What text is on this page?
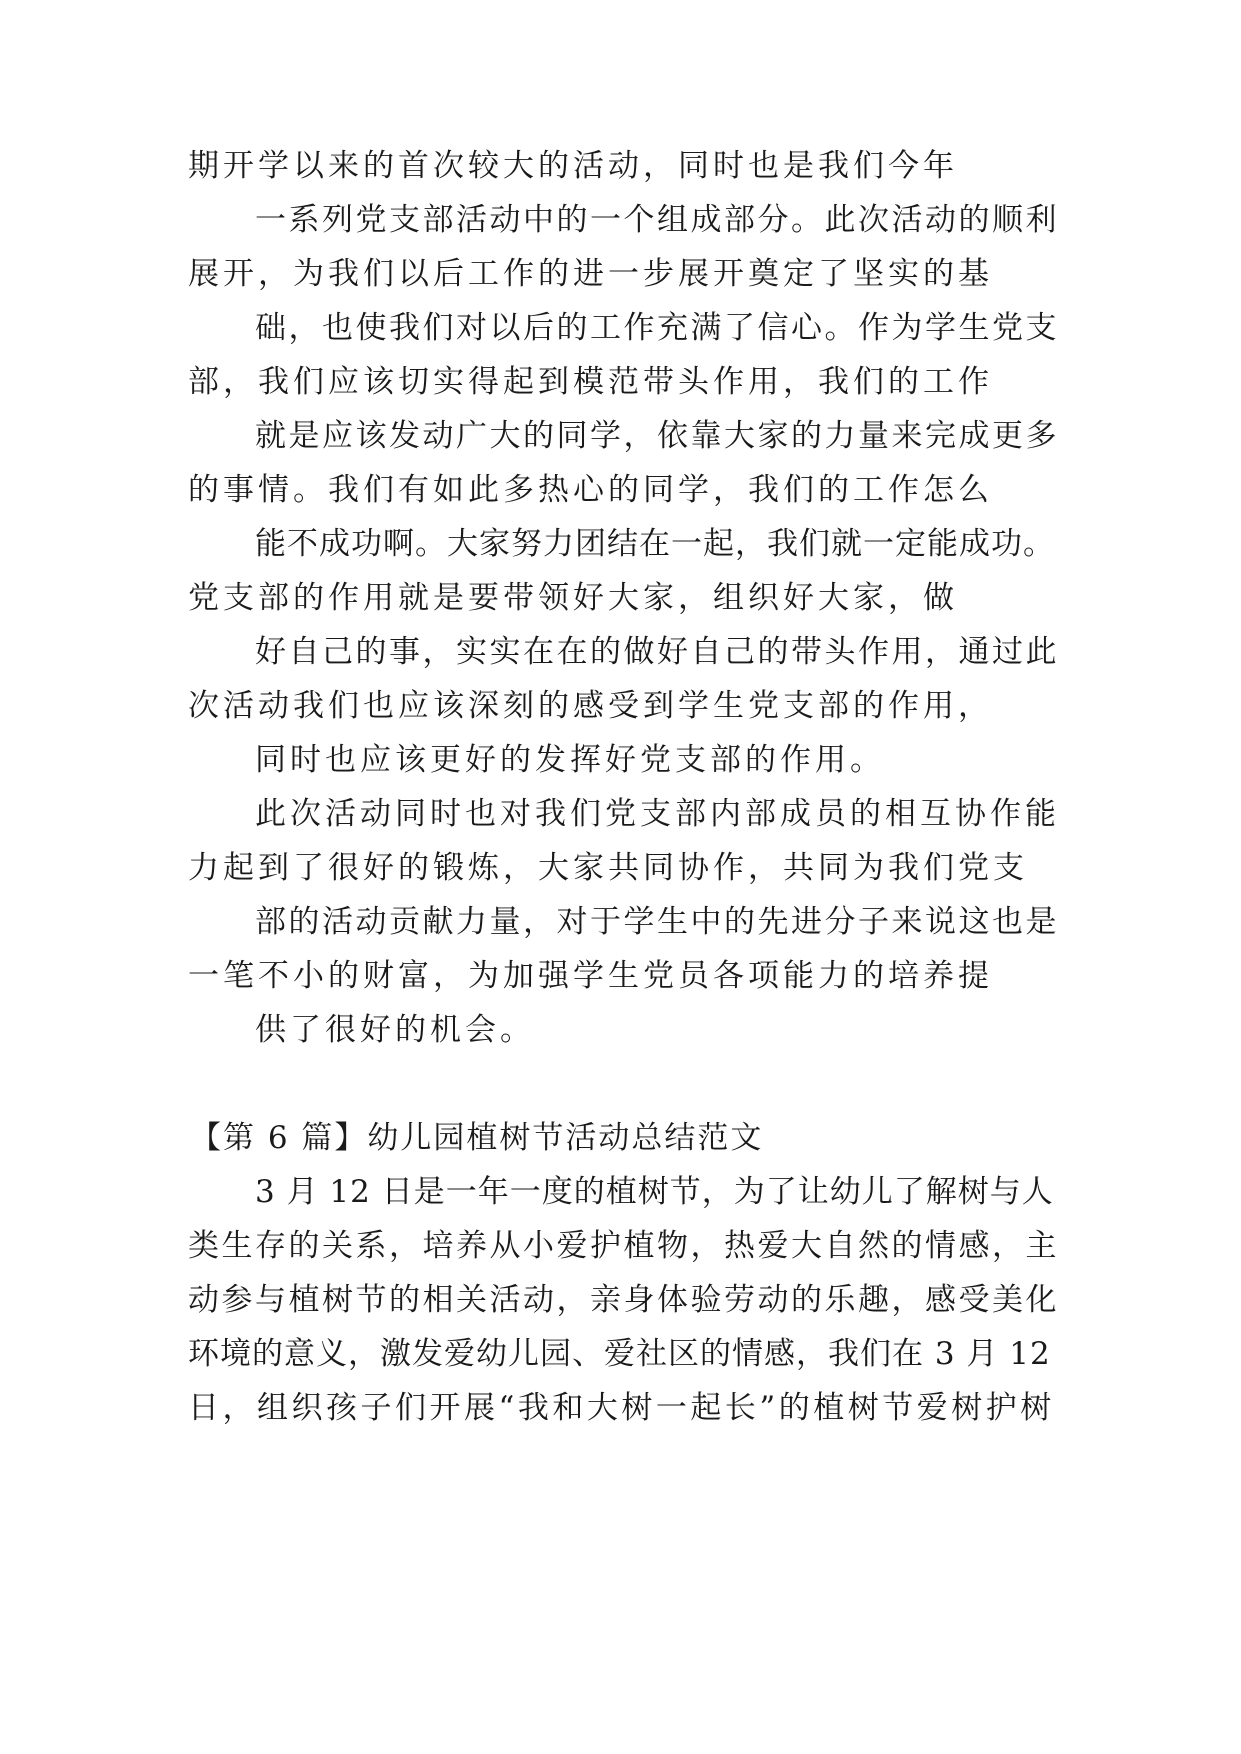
期开学以来的首次较大的活动，同时也是我们今年
一系列党支部活动中的一个组成部分。此次活动的顺利
展开，为我们以后工作的进一步展开奠定了坚实的基
础，也使我们对以后的工作充满了信心。作为学生党支
部，我们应该切实得起到模范带头作用，我们的工作
就是应该发动广大的同学，依靠大家的力量来完成更多
的事情。我们有如此多热心的同学，我们的工作怎么
能不成功啊。大家努力团结在一起，我们就一定能成功。
党支部的作用就是要带领好大家，组织好大家，做
好自己的事，实实在在的做好自己的带头作用，通过此
次活动我们也应该深刻的感受到学生党支部的作用，
同时也应该更好的发挥好党支部的作用。
此次活动同时也对我们党支部内部成员的相互协作能
力起到了很好的锻炼，大家共同协作，共同为我们党支
部的活动贡献力量，对于学生中的先进分子来说这也是
一笔不小的财富，为加强学生党员各项能力的培养提
供了很好的机会。
【第 6 篇】幼儿园植树节活动总结范文
3 月 12 日是一年一度的植树节，为了让幼儿了解树与人
类生存的关系，培养从小爱护植物，热爱大自然的情感，主
动参与植树节的相关活动，亲身体验劳动的乐趣，感受美化
环境的意义，激发爱幼儿园、爱社区的情感，我们在 3 月 12
日，组织孩子们开展“我和大树一起长”的植树节爱树护树
